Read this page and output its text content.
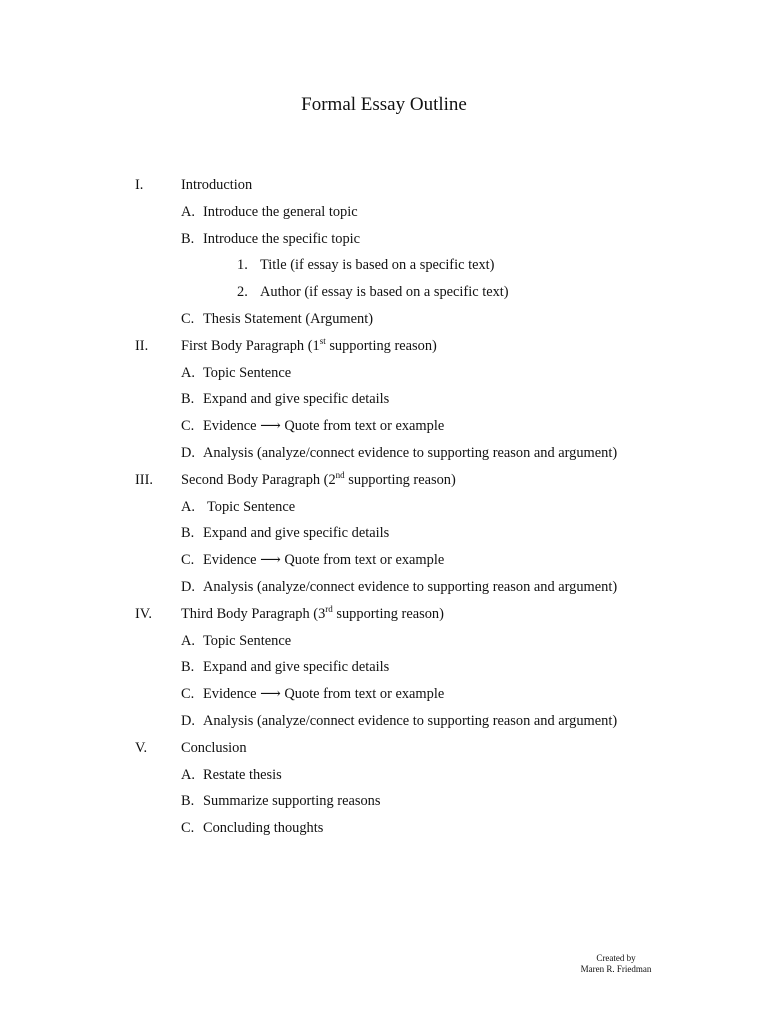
Formal Essay Outline
I.	Introduction
A. Introduce the general topic
B. Introduce the specific topic
1. Title (if essay is based on a specific text)
2. Author (if essay is based on a specific text)
C. Thesis Statement (Argument)
II. First Body Paragraph (1st supporting reason)
A. Topic Sentence
B. Expand and give specific details
C. Evidence ⟶ Quote from text or example
D. Analysis (analyze/connect evidence to supporting reason and argument)
III. Second Body Paragraph (2nd supporting reason)
A. Topic Sentence
B. Expand and give specific details
C. Evidence ⟶ Quote from text or example
D. Analysis (analyze/connect evidence to supporting reason and argument)
IV. Third Body Paragraph (3rd supporting reason)
A. Topic Sentence
B. Expand and give specific details
C. Evidence ⟶ Quote from text or example
D. Analysis (analyze/connect evidence to supporting reason and argument)
V. Conclusion
A. Restate thesis
B. Summarize supporting reasons
C. Concluding thoughts
Created by
Maren R. Friedman
